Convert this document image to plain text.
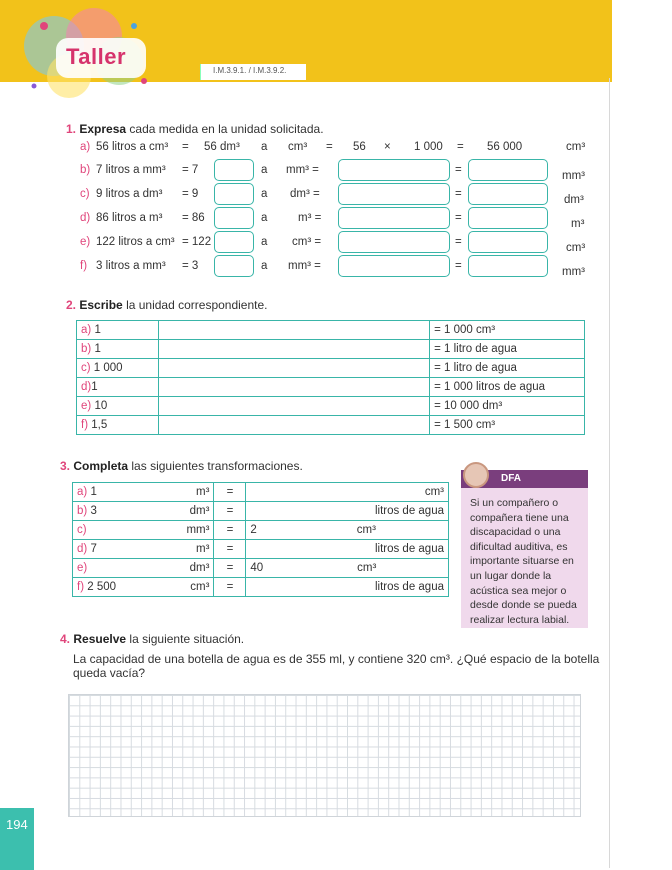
Taller
I.M.3.9.1. / I.M.3.9.2.
1. Expresa cada medida en la unidad solicitada.
a) 56 litros a cm³ = 56 dm³ a cm³ = 56 × 1 000 = 56 000	cm³
b) 7 litros a mm³ = 7	a mm³ =	=	mm³
c) 9 litros a dm³ = 9	a dm³ =	=	dm³
d) 86 litros a m³ = 86	a	m³ =	=	m³
e) 122 litros a cm³ = 122	a cm³ =	=	cm³
f) 3 litros a mm³ = 3	a mm³ =	=	mm³
2. Escribe la unidad correspondiente.
a) 1		= 1 000 cm³
b) 1		= 1 litro de agua
c) 1 000		= 1 litro de agua
d)1		= 1 000 litros de agua
e) 10		= 10 000 dm³
f) 1,5		= 1 500 cm³
3. Completa las siguientes transformaciones.
a) 1 m³	=	cm³

b) 3 dm³	=	litros de agua

c) mm³	=	2 cm³
d) 7 m³	=	litros de agua

e) dm³	=	40 cm³
f) 2 500 cm³	=	litros de agua
DFA
Si un compañero o compañera tiene una discapacidad o una dificultad auditiva, es importante situarse en un lugar donde la acústica sea mejor o desde donde se pueda realizar lectura labial.
4. Resuelve la siguiente situación.
La capacidad de una botella de agua es de 355 ml, y contiene 320 cm³. ¿Qué espacio de la botella
queda vacía?
194
